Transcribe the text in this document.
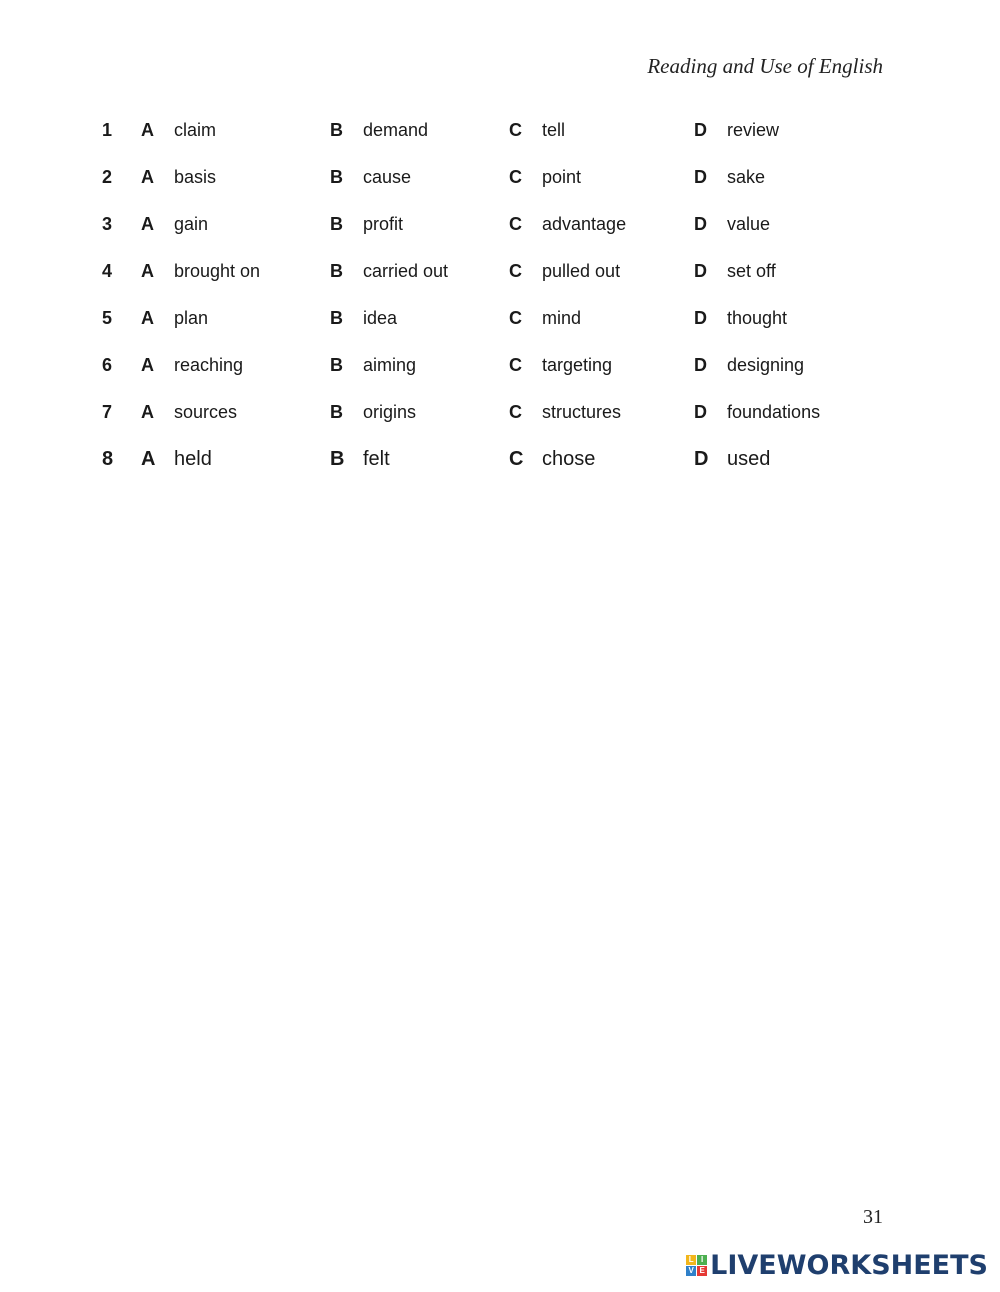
Reading and Use of English
1 A claim	B demand	C tell	D review
2 A basis	B cause	C point	D sake
3 A gain	B profit	C advantage	D value
4 A brought on	B carried out	C pulled out	D set off
5 A plan	B idea	C mind	D thought
6 A reaching	B aiming	C targeting	D designing
7 A sources	B origins	C structures	D foundations
8 A held	B felt	C chose	D used
31
L I
V E LIVEWORKSHEETS
